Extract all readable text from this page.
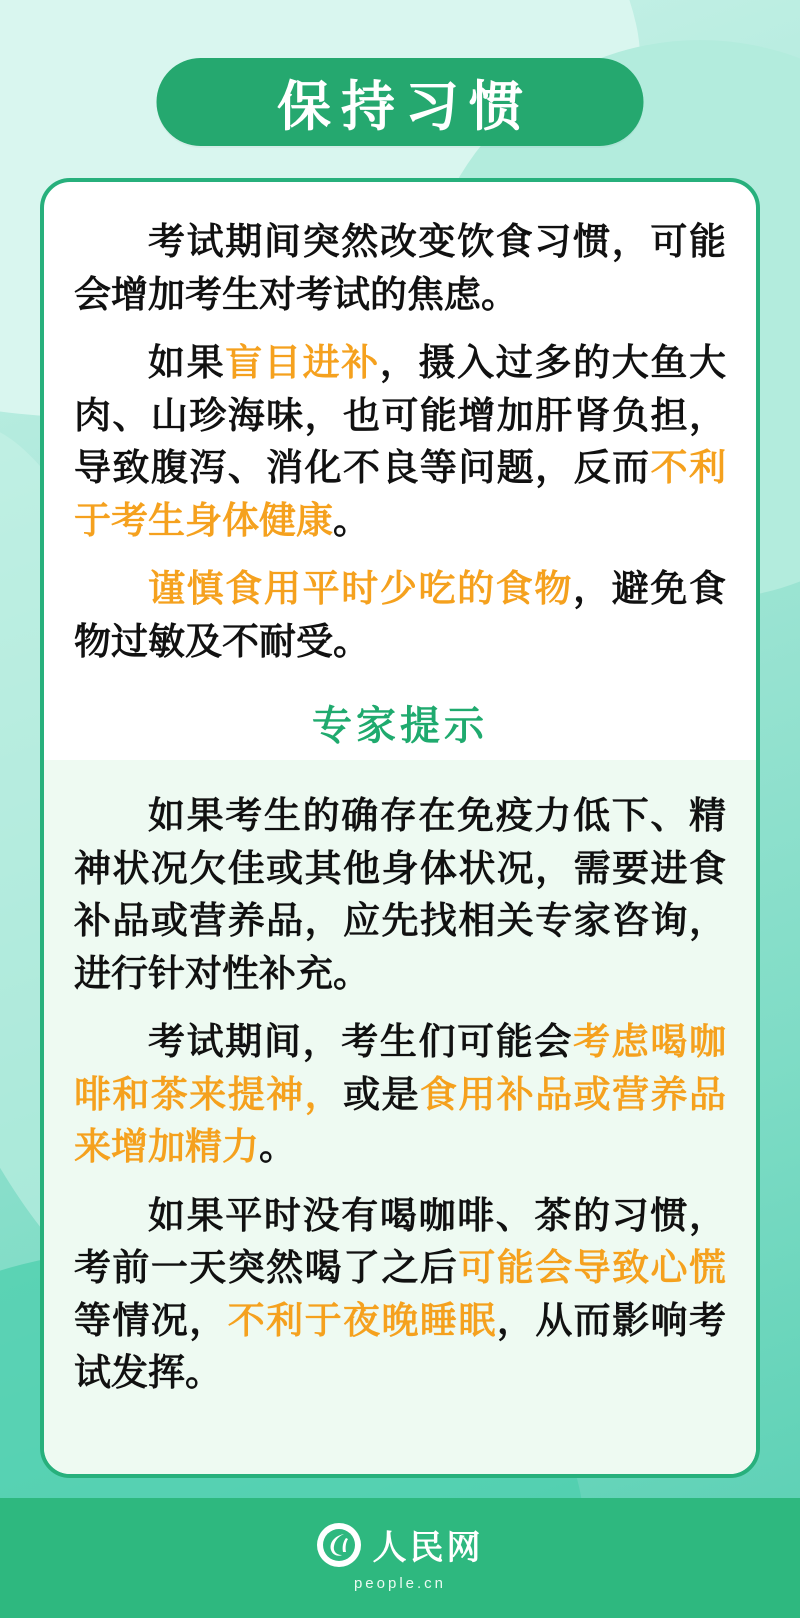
保持习惯

考试期间突然改变饮食习惯，可能会增加考生对考试的焦虑。

如果盲目进补，摄入过多的大鱼大肉、山珍海味，也可能增加肝肾负担，导致腹泻、消化不良等问题，反而不利于考生身体健康。

谨慎食用平时少吃的食物，避免食物过敏及不耐受。

专家提示

如果考生的确存在免疫力低下、精神状况欠佳或其他身体状况，需要进食补品或营养品，应先找相关专家咨询，进行针对性补充。

考试期间，考生们可能会考虑喝咖啡和茶来提神，或是食用补品或营养品来增加精力。

如果平时没有喝咖啡、茶的习惯，考前一天突然喝了之后可能会导致心慌等情况，不利于夜晚睡眠，从而影响考试发挥。

人民网
people.cn
